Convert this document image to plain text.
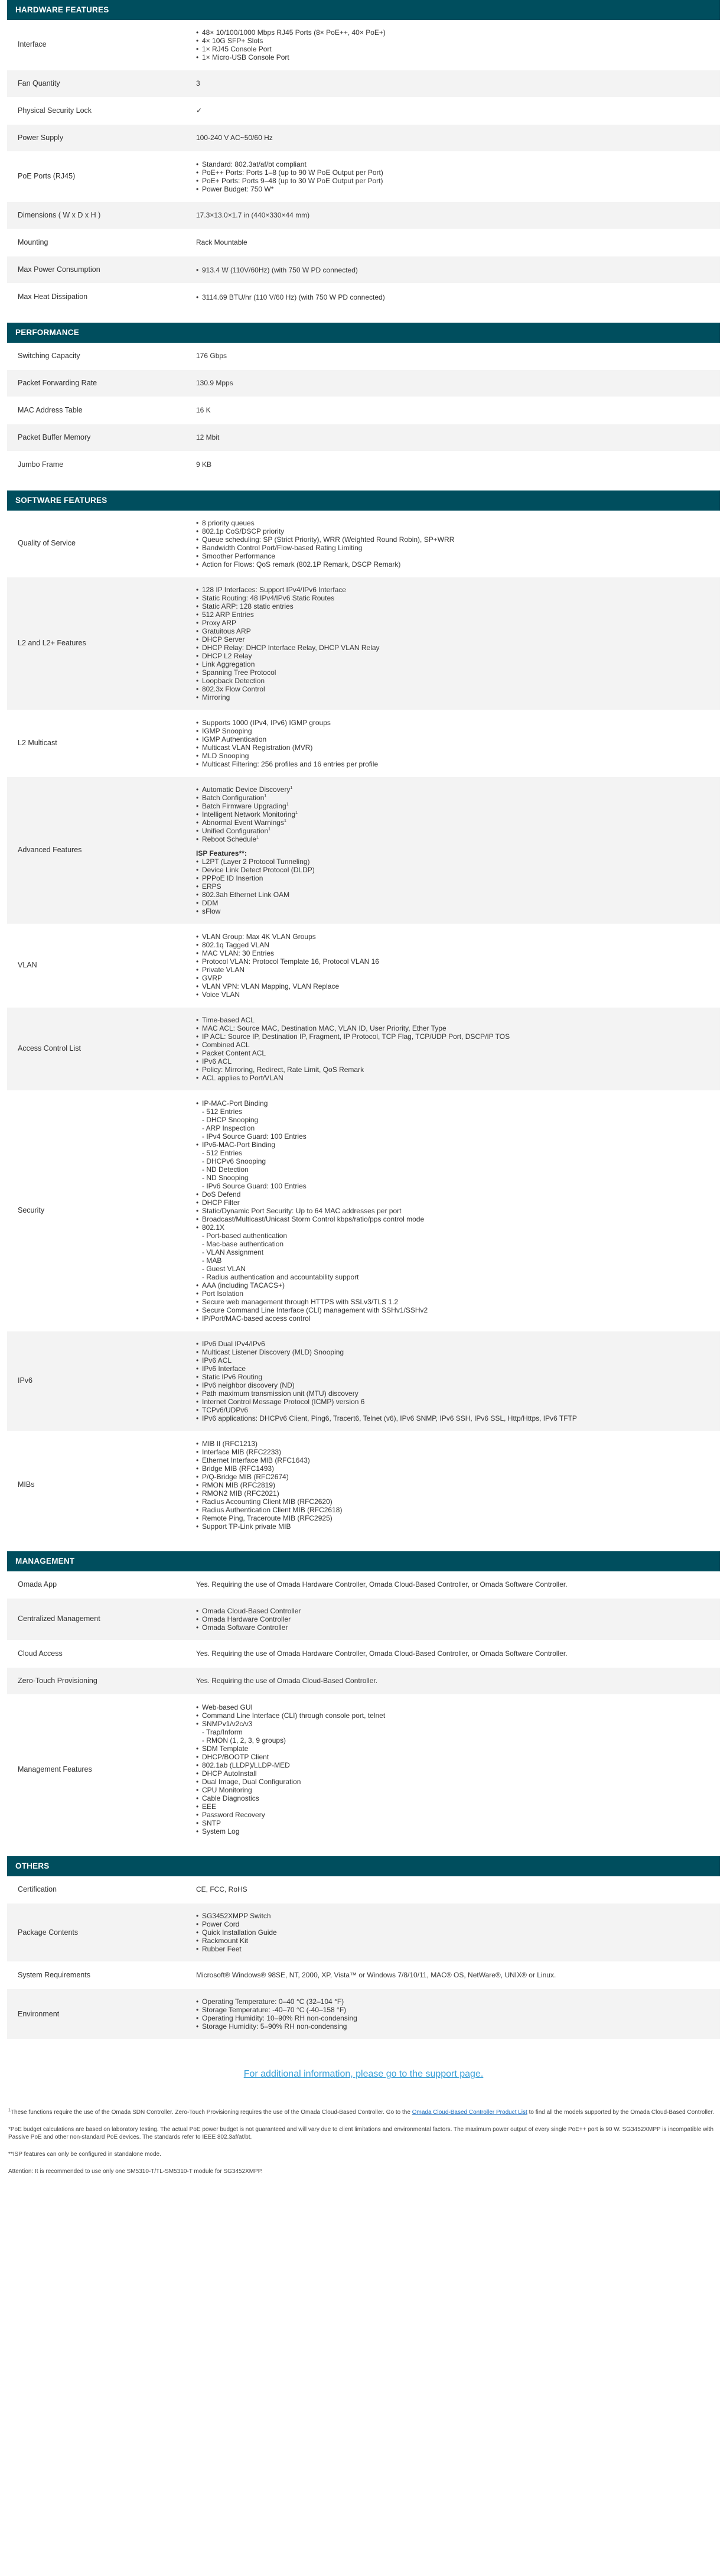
HARDWARE FEATURES
Interface
• 48× 10/100/1000 Mbps RJ45 Ports (8× PoE++, 40× PoE+)
• 4× 10G SFP+ Slots
• 1× RJ45 Console Port
• 1× Micro-USB Console Port
Fan Quantity	3
Physical Security Lock	✓
Power Supply	100-240 V AC~50/60 Hz
PoE Ports (RJ45)
• Standard: 802.3at/af/bt compliant
• PoE++ Ports: Ports 1–8 (up to 90 W PoE Output per Port)
• PoE+ Ports: Ports 9–48 (up to 30 W PoE Output per Port)
• Power Budget: 750 W*
Dimensions ( W x D x H )	17.3×13.0×1.7 in (440×330×44 mm)
Mounting	Rack Mountable
Max Power Consumption	• 913.4 W (110V/60Hz) (with 750 W PD connected)
Max Heat Dissipation	• 3114.69 BTU/hr (110 V/60 Hz) (with 750 W PD connected)
PERFORMANCE
Switching Capacity	176 Gbps
Packet Forwarding Rate	130.9 Mpps
MAC Address Table	16 K
Packet Buffer Memory	12 Mbit
Jumbo Frame	9 KB
SOFTWARE FEATURES
Quality of Service
• 8 priority queues
• 802.1p CoS/DSCP priority
• Queue scheduling: SP (Strict Priority), WRR (Weighted Round Robin), SP+WRR
• Bandwidth Control Port/Flow-based Rating Limiting
• Smoother Performance
• Action for Flows: QoS remark (802.1P Remark, DSCP Remark)
L2 and L2+ Features
• 128 IP Interfaces: Support IPv4/IPv6 Interface
• Static Routing: 48 IPv4/IPv6 Static Routes
• Static ARP: 128 static entries
• 512 ARP Entries
• Proxy ARP
• Gratuitous ARP
• DHCP Server
• DHCP Relay: DHCP Interface Relay, DHCP VLAN Relay
• DHCP L2 Relay
• Link Aggregation
• Spanning Tree Protocol
• Loopback Detection
• 802.3x Flow Control
• Mirroring
L2 Multicast
• Supports 1000 (IPv4, IPv6) IGMP groups
• IGMP Snooping
• IGMP Authentication
• Multicast VLAN Registration (MVR)
• MLD Snooping
• Multicast Filtering: 256 profiles and 16 entries per profile
Advanced Features
• Automatic Device Discovery$^1$
• Batch Configuration$^1$
• Batch Firmware Upgrading$^1$
• Intelligent Network Monitoring$^1$
• Abnormal Event Warnings$^1$
• Unified Configuration$^1$
• Reboot Schedule$^1$
ISP Features**:
• L2PT (Layer 2 Protocol Tunneling)
• Device Link Detect Protocol (DLDP)
• PPPoE ID Insertion
• ERPS
• 802.3ah Ethernet Link OAM
• DDM
• sFlow
VLAN
• VLAN Group: Max 4K VLAN Groups
• 802.1q Tagged VLAN
• MAC VLAN: 30 Entries
• Protocol VLAN: Protocol Template 16, Protocol VLAN 16
• Private VLAN
• GVRP
• VLAN VPN: VLAN Mapping, VLAN Replace
• Voice VLAN
Access Control List
• Time-based ACL
• MAC ACL: Source MAC, Destination MAC, VLAN ID, User Priority, Ether Type
• IP ACL: Source IP, Destination IP, Fragment, IP Protocol, TCP Flag, TCP/UDP Port, DSCP/IP TOS
• Combined ACL
• Packet Content ACL
• IPv6 ACL
• Policy: Mirroring, Redirect, Rate Limit, QoS Remark
• ACL applies to Port/VLAN
Security
• IP-MAC-Port Binding
- 512 Entries
- DHCP Snooping
- ARP Inspection
- IPv4 Source Guard: 100 Entries
• IPv6-MAC-Port Binding
- 512 Entries
- DHCPv6 Snooping
- ND Detection
- ND Snooping
- IPv6 Source Guard: 100 Entries
• DoS Defend
• DHCP Filter
• Static/Dynamic Port Security: Up to 64 MAC addresses per port
• Broadcast/Multicast/Unicast Storm Control kbps/ratio/pps control mode
• 802.1X
- Port-based authentication
- Mac-base authentication
- VLAN Assignment
- MAB
- Guest VLAN
- Radius authentication and accountability support
• AAA (including TACACS+)
• Port Isolation
• Secure web management through HTTPS with SSLv3/TLS 1.2
• Secure Command Line Interface (CLI) management with SSHv1/SSHv2
• IP/Port/MAC-based access control
IPv6
• IPv6 Dual IPv4/IPv6
• Multicast Listener Discovery (MLD) Snooping
• IPv6 ACL
• IPv6 Interface
• Static IPv6 Routing
• IPv6 neighbor discovery (ND)
• Path maximum transmission unit (MTU) discovery
• Internet Control Message Protocol (ICMP) version 6
• TCPv6/UDPv6
• IPv6 applications: DHCPv6 Client, Ping6, Tracert6, Telnet (v6), IPv6 SNMP, IPv6 SSH, IPv6 SSL, Http/Https, IPv6 TFTP
MIBs
• MIB II (RFC1213)
• Interface MIB (RFC2233)
• Ethernet Interface MIB (RFC1643)
• Bridge MIB (RFC1493)
• P/Q-Bridge MIB (RFC2674)
• RMON MIB (RFC2819)
• RMON2 MIB (RFC2021)
• Radius Accounting Client MIB (RFC2620)
• Radius Authentication Client MIB (RFC2618)
• Remote Ping, Traceroute MIB (RFC2925)
• Support TP-Link private MIB
MANAGEMENT
Omada App	Yes. Requiring the use of Omada Hardware Controller, Omada Cloud-Based Controller, or Omada Software Controller.
Centralized Management
• Omada Cloud-Based Controller
• Omada Hardware Controller
• Omada Software Controller
Cloud Access	Yes. Requiring the use of Omada Hardware Controller, Omada Cloud-Based Controller, or Omada Software Controller.
Zero-Touch Provisioning	Yes. Requiring the use of Omada Cloud-Based Controller.
Management Features
• Web-based GUI
• Command Line Interface (CLI) through console port, telnet
• SNMPv1/v2c/v3
- Trap/Inform
- RMON (1, 2, 3, 9 groups)
• SDM Template
• DHCP/BOOTP Client
• 802.1ab (LLDP)/LLDP-MED
• DHCP AutoInstall
• Dual Image, Dual Configuration
• CPU Monitoring
• Cable Diagnostics
• EEE
• Password Recovery
• SNTP
• System Log
OTHERS
Certification	CE, FCC, RoHS
Package Contents
• SG3452XMPP Switch
• Power Cord
• Quick Installation Guide
• Rackmount Kit
• Rubber Feet
System Requirements	Microsoft® Windows® 98SE, NT, 2000, XP, Vista™ or Windows 7/8/10/11, MAC® OS, NetWare®, UNIX® or Linux.
Environment
• Operating Temperature: 0–40 °C (32–104 °F)
• Storage Temperature: -40–70 °C (-40–158 °F)
• Operating Humidity: 10–90% RH non-condensing
• Storage Humidity: 5–90% RH non-condensing
For additional information, please go to the support page.

$^1$These functions require the use of the Omada SDN Controller. Zero-Touch Provisioning requires the use of the Omada Cloud-Based Controller. Go to the Omada Cloud-Based Controller Product List to find all the models supported by the Omada Cloud-Based Controller.

*PoE budget calculations are based on laboratory testing. The actual PoE power budget is not guaranteed and will vary due to client limitations and environmental factors. The maximum power output of every single PoE++ port is 90 W. SG3452XMPP is incompatible with Passive PoE and other non-standard PoE devices. The standards refer to IEEE 802.3af/at/bt.

**ISP features can only be configured in standalone mode.

Attention: It is recommended to use only one SM5310-T/TL-SM5310-T module for SG3452XMPP.
